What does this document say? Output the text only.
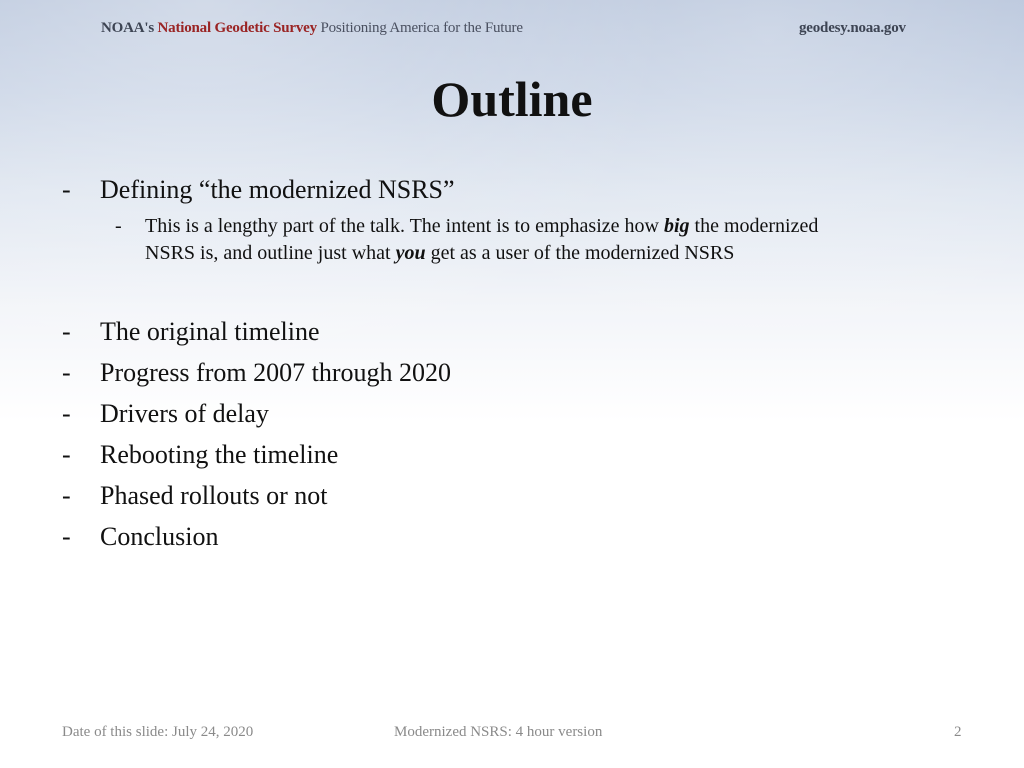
NOAA's National Geodetic Survey Positioning America for the Future	geodesy.noaa.gov
Outline
- Defining “the modernized NSRS”
- This is a lengthy part of the talk. The intent is to emphasize how big the modernized
NSRS is, and outline just what you get as a user of the modernized NSRS
- The original timeline
- Progress from 2007 through 2020
- Drivers of delay
- Rebooting the timeline
- Phased rollouts or not
- Conclusion
Date of this slide: July 24, 2020	Modernized NSRS: 4 hour version	2
